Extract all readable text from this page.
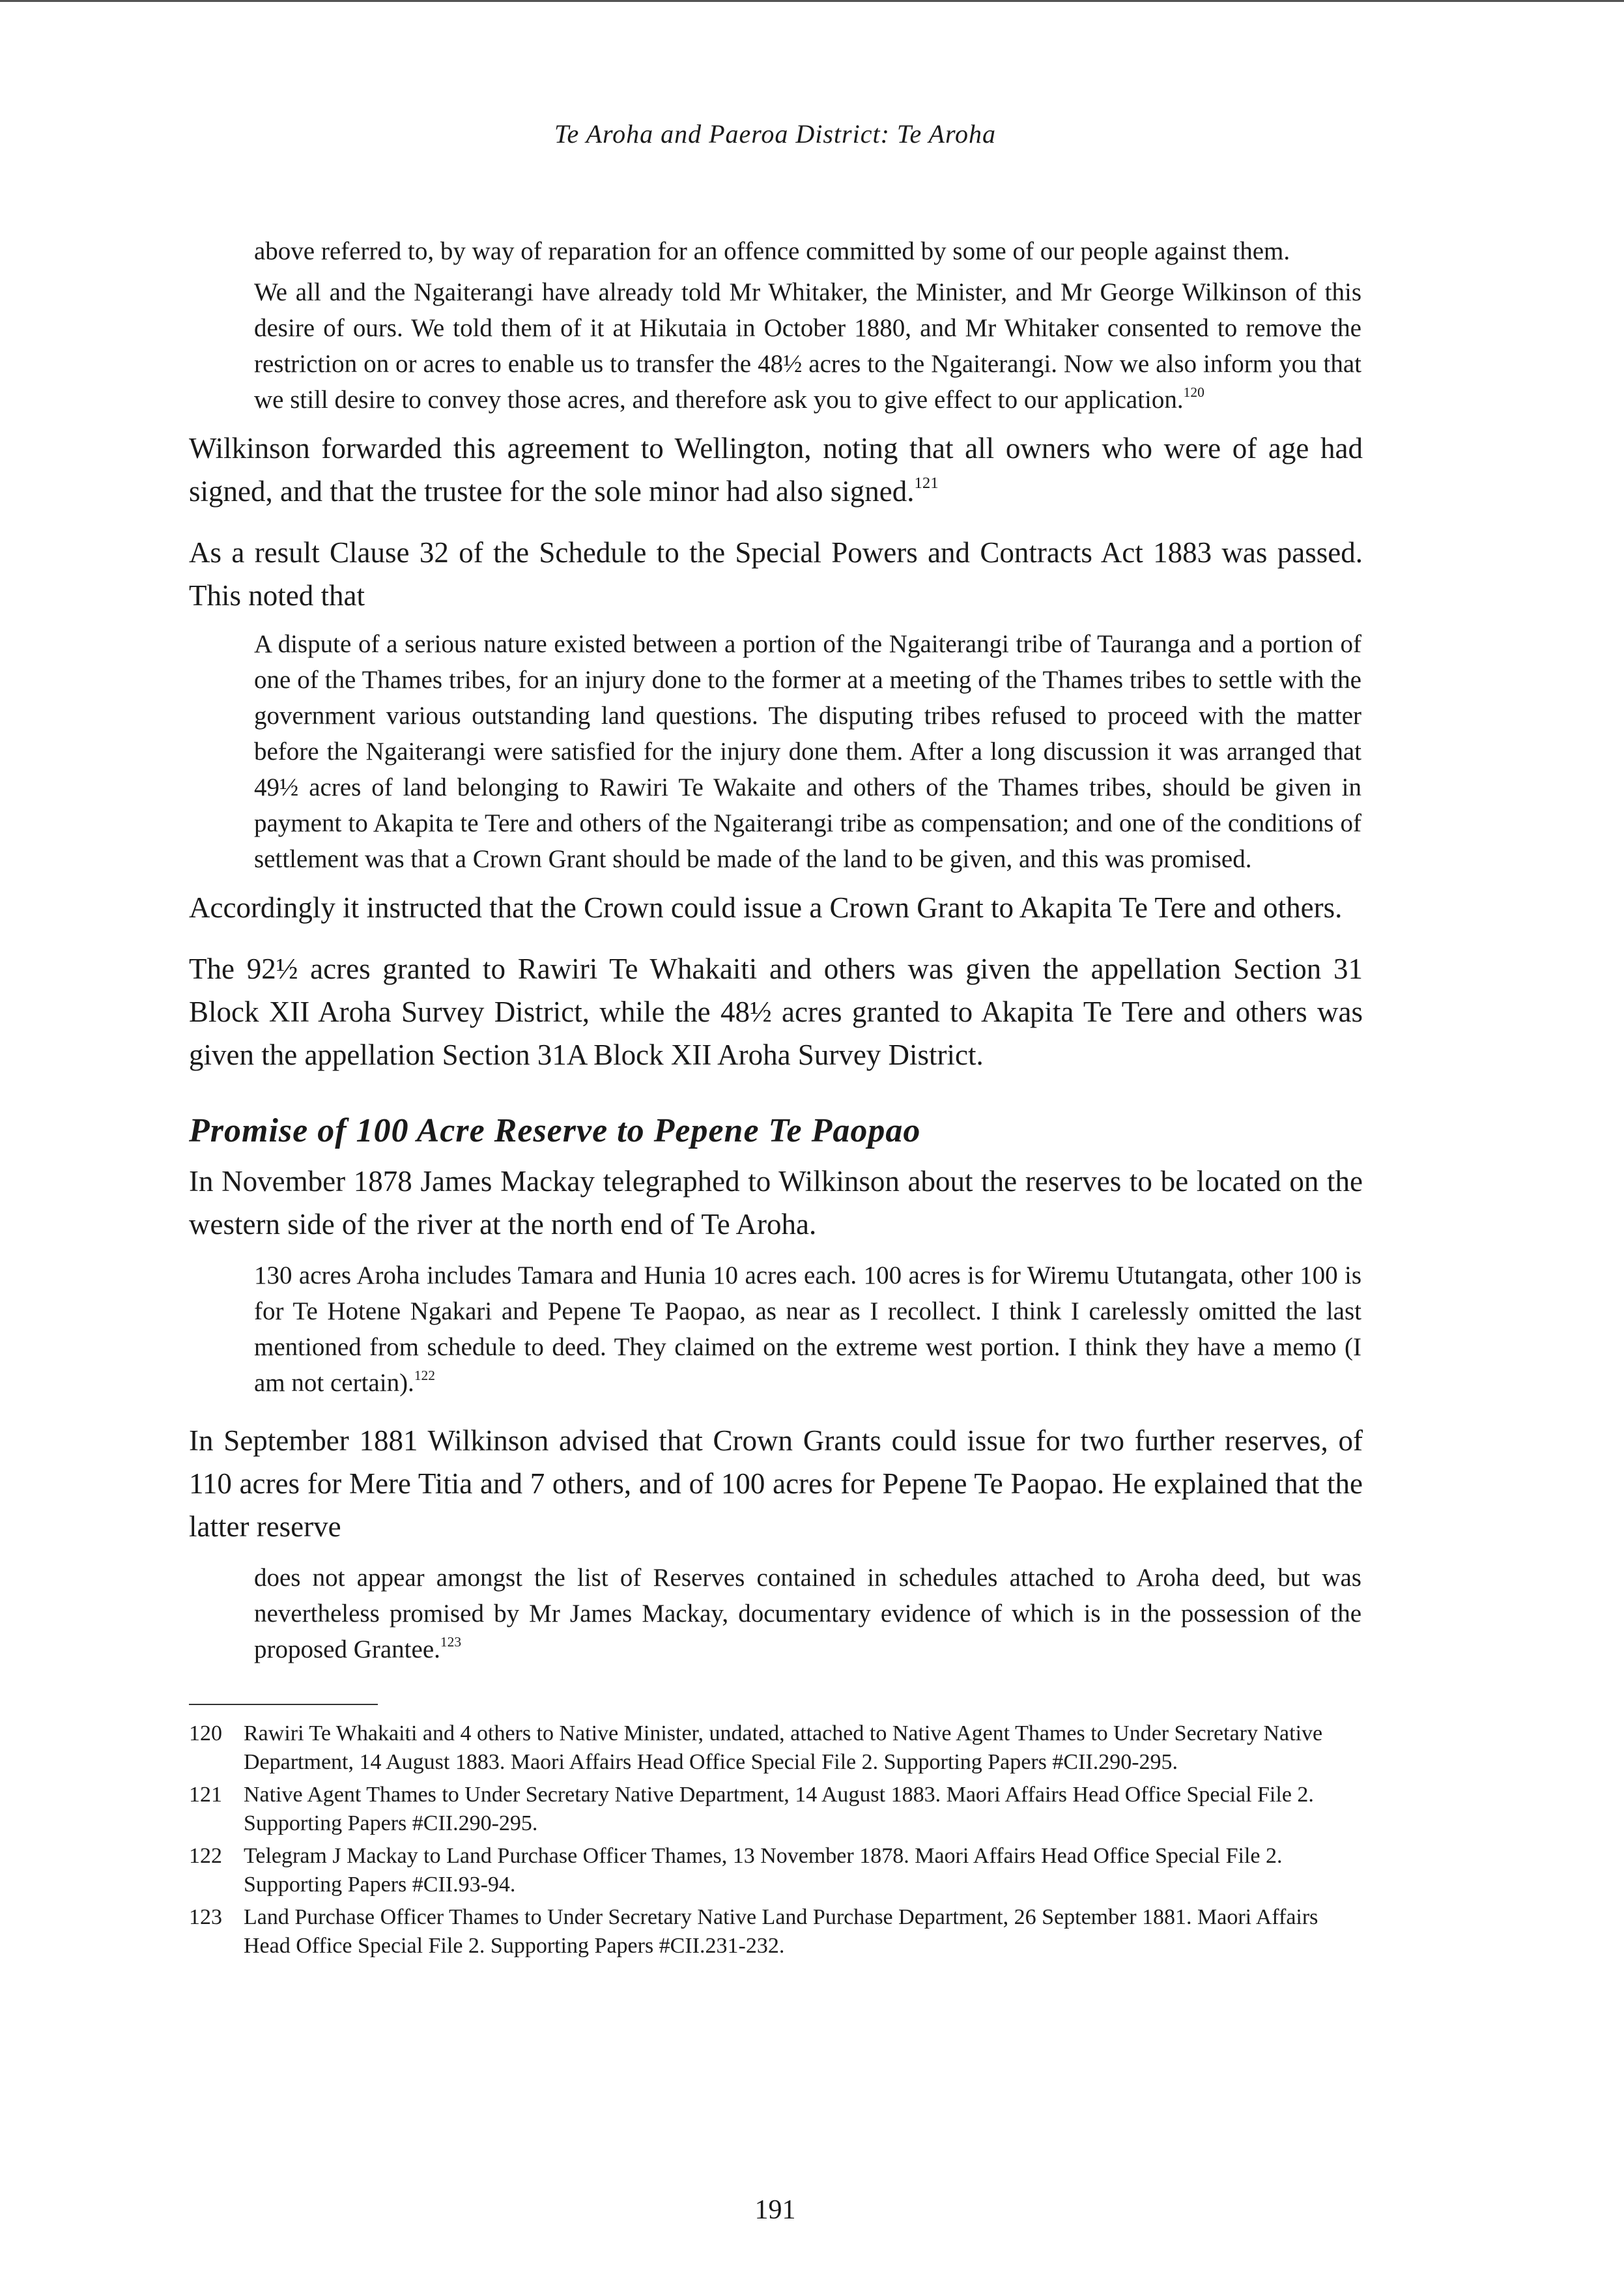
Te Aroha and Paeroa District: Te Aroha

above referred to, by way of reparation for an offence committed by some of our people against them.

We all and the Ngaiterangi have already told Mr Whitaker, the Minister, and Mr George Wilkinson of this desire of ours. We told them of it at Hikutaia in October 1880, and Mr Whitaker consented to remove the restriction on or acres to enable us to transfer the 48½ acres to the Ngaiterangi. Now we also inform you that we still desire to convey those acres, and therefore ask you to give effect to our application.$^{120}$

Wilkinson forwarded this agreement to Wellington, noting that all owners who were of age had signed, and that the trustee for the sole minor had also signed.$^{121}$

As a result Clause 32 of the Schedule to the Special Powers and Contracts Act 1883 was passed. This noted that

A dispute of a serious nature existed between a portion of the Ngaiterangi tribe of Tauranga and a portion of one of the Thames tribes, for an injury done to the former at a meeting of the Thames tribes to settle with the government various outstanding land questions. The disputing tribes refused to proceed with the matter before the Ngaiterangi were satisfied for the injury done them. After a long discussion it was arranged that 49½ acres of land belonging to Rawiri Te Wakaite and others of the Thames tribes, should be given in payment to Akapita te Tere and others of the Ngaiterangi tribe as compensation; and one of the conditions of settlement was that a Crown Grant should be made of the land to be given, and this was promised.

Accordingly it instructed that the Crown could issue a Crown Grant to Akapita Te Tere and others.

The 92½ acres granted to Rawiri Te Whakaiti and others was given the appellation Section 31 Block XII Aroha Survey District, while the 48½ acres granted to Akapita Te Tere and others was given the appellation Section 31A Block XII Aroha Survey District.

Promise of 100 Acre Reserve to Pepene Te Paopao

In November 1878 James Mackay telegraphed to Wilkinson about the reserves to be located on the western side of the river at the north end of Te Aroha.

130 acres Aroha includes Tamara and Hunia 10 acres each. 100 acres is for Wiremu Ututangata, other 100 is for Te Hotene Ngakari and Pepene Te Paopao, as near as I recollect. I think I carelessly omitted the last mentioned from schedule to deed. They claimed on the extreme west portion. I think they have a memo (I am not certain).$^{122}$

In September 1881 Wilkinson advised that Crown Grants could issue for two further reserves, of 110 acres for Mere Titia and 7 others, and of 100 acres for Pepene Te Paopao. He explained that the latter reserve

does not appear amongst the list of Reserves contained in schedules attached to Aroha deed, but was nevertheless promised by Mr James Mackay, documentary evidence of which is in the possession of the proposed Grantee.$^{123}$

120 Rawiri Te Whakaiti and 4 others to Native Minister, undated, attached to Native Agent Thames to Under Secretary Native Department, 14 August 1883. Maori Affairs Head Office Special File 2. Supporting Papers #CII.290-295.
121 Native Agent Thames to Under Secretary Native Department, 14 August 1883. Maori Affairs Head Office Special File 2. Supporting Papers #CII.290-295.
122 Telegram J Mackay to Land Purchase Officer Thames, 13 November 1878. Maori Affairs Head Office Special File 2. Supporting Papers #CII.93-94.
123 Land Purchase Officer Thames to Under Secretary Native Land Purchase Department, 26 September 1881. Maori Affairs Head Office Special File 2. Supporting Papers #CII.231-232.
191
